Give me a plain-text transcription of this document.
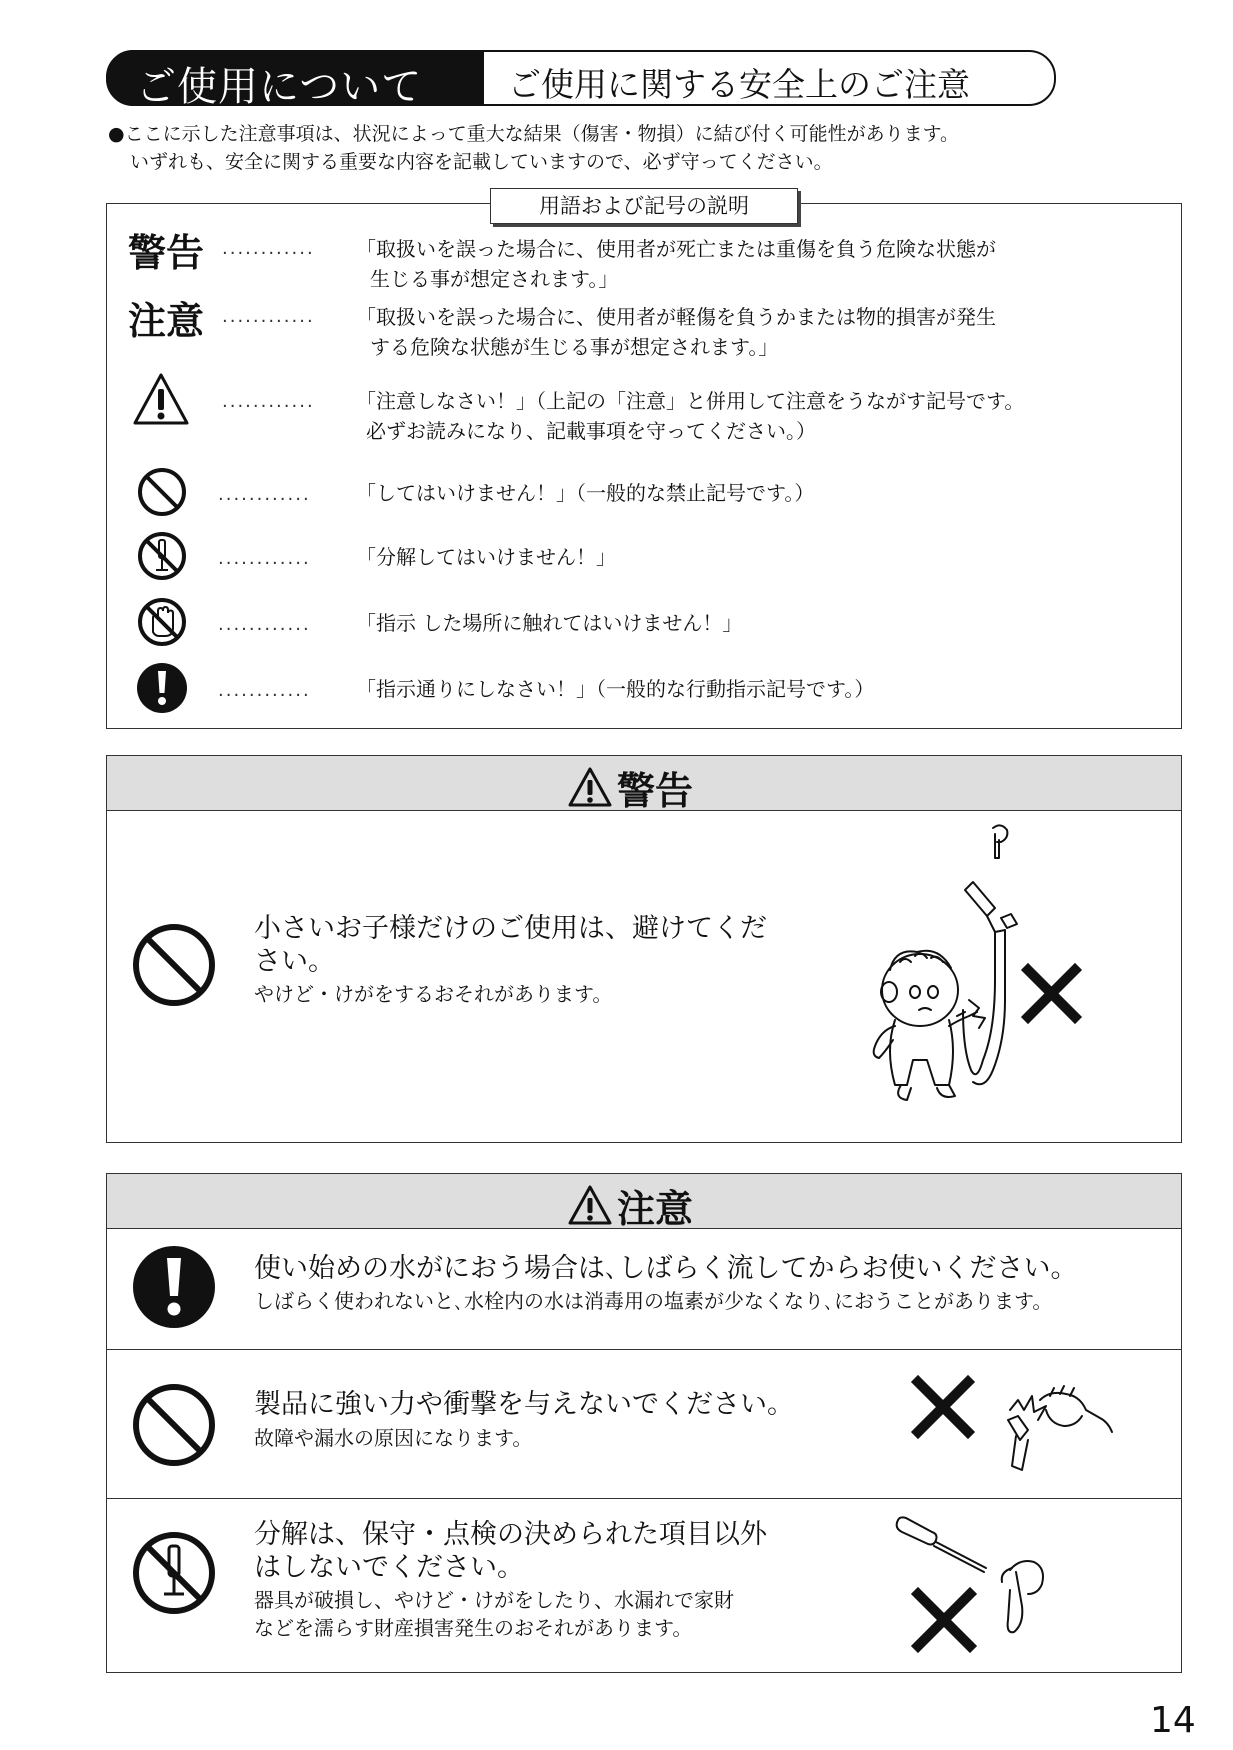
ご使用について	ご使用に関する安全上のご注意
●ここに示した注意事項は、状況によって重大な結果（傷害・物損）に結び付く可能性があります。
いずれも、安全に関する重要な内容を記載していますので、必ず守ってください。
用語および記号の説明
警告 ............ 「取扱いを誤った場合に、使用者が死亡または重傷を負う危険な状態が
生じる事が想定されます。」
注意 ............ 「取扱いを誤った場合に、使用者が軽傷を負うかまたは物的損害が発生
する危険な状態が生じる事が想定されます。」
............ 「注意しなさい！」（上記の「注意」と併用して注意をうながす記号です。
必ずお読みになり、記載事項を守ってください。）
............ 「してはいけません！」（一般的な禁止記号です。）
............ 「分解してはいけません！」
............ 「指示 した場所に触れてはいけません！」
............ 「指示通りにしなさい！」（一般的な行動指示記号です。）
警告
小さいお子様だけのご使用は、避けてくだ
さい。
やけど・けがをするおそれがあります。
注意
使い始めの水がにおう場合は､しばらく流してからお使いください。
しばらく使われないと､水栓内の水は消毒用の塩素が少なくなり､におうことがあります。
製品に強い力や衝撃を与えないでください。
故障や漏水の原因になります。
分解は、保守・点検の決められた項目以外
はしないでください。
器具が破損し、やけど・けがをしたり、水漏れで家財
などを濡らす財産損害発生のおそれがあります。
14
